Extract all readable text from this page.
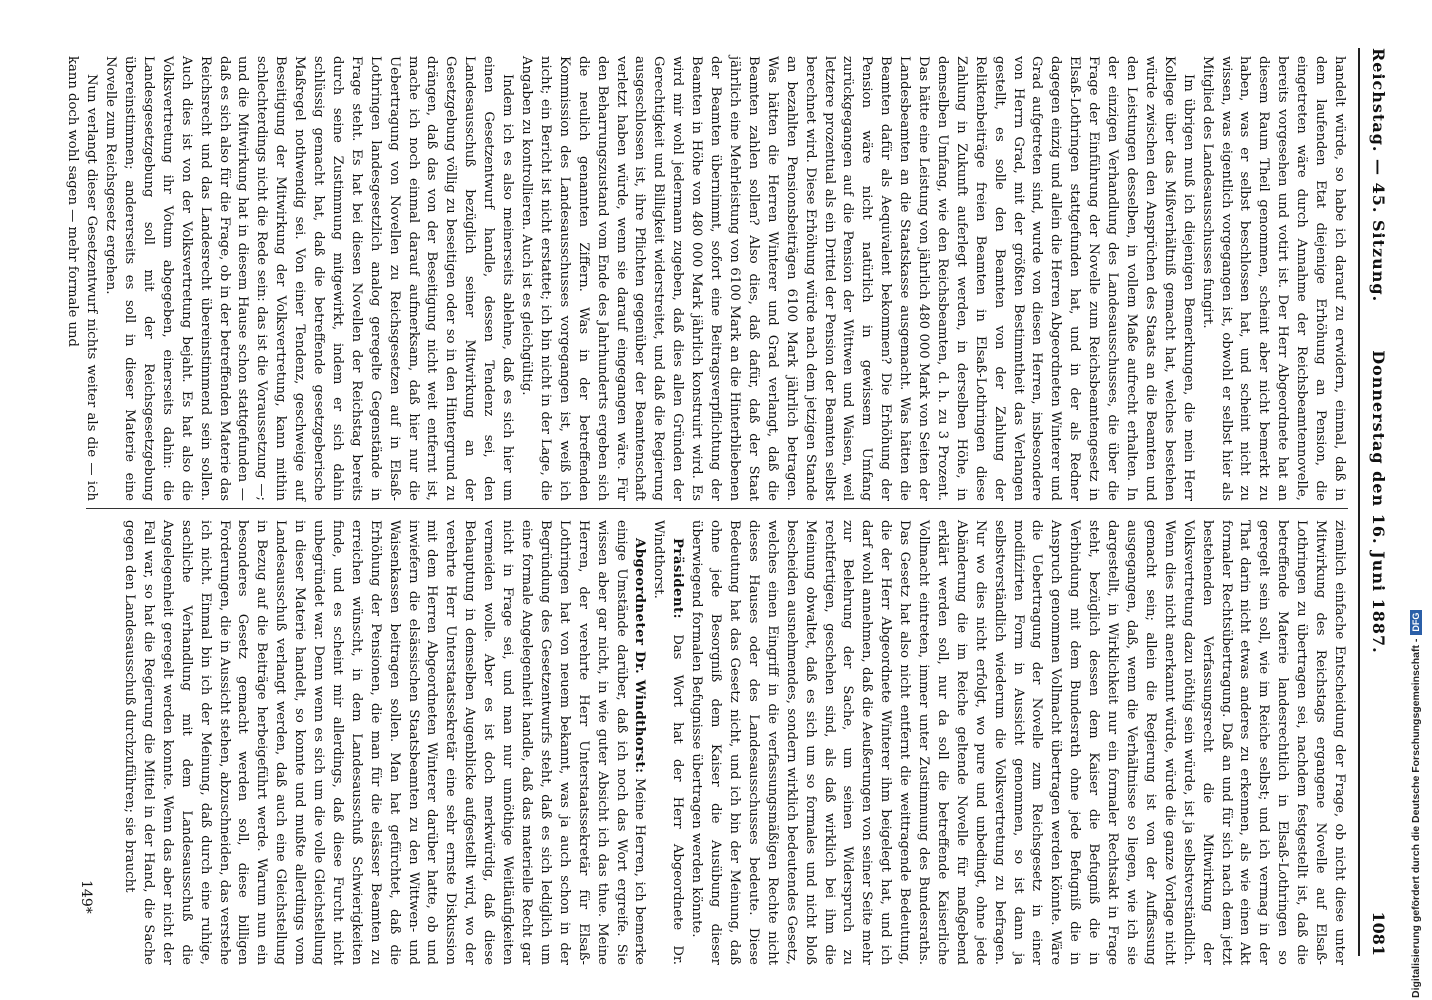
Reichstag. — 45. Sitzung.
Donnerstag den 16. Juni 1887.
1081

handelt würde, so habe ich darauf zu erwidern, einmal, daß in dem laufenden Etat diejenige Erhöhung an Pension, die eingetreten wäre durch Annahme der Reichsbeamtennovelle, bereits vorgesehen und votirt ist. Der Herr Abgeordnete hat an diesem Raum Theil genommen, scheint aber nicht bemerkt zu haben, was er selbst beschlossen hat, und scheint nicht zu wissen, was eigentlich vorgegangen ist, obwohl er selbst hier als Mitglied des Landesausschusses fungirt.

Im übrigen muß ich diejenigen Bemerkungen, die mein Herr Kollege über das Mißverhältniß gemacht hat, welches bestehen würde zwischen den Ansprüchen des Staats an die Beamten und den Leistungen desselben, in vollem Maße aufrecht erhalten. In der einzigen Verhandlung des Landesausschusses, die über die Frage der Einführung der Novelle zum Reichsbeamtengesetz in Elsaß-Lothringen stattgefunden hat, und in der als Redner dagegen einzig und allein die Herren Abgeordneten Winterer und Grad aufgetreten sind, wurde von diesen Herren, insbesondere von Herrn Grad, mit der größten Bestimmtheit das Verlangen gestellt, es solle den Beamten von der Zahlung der Reliktenbeiträge freien Beamten in Elsaß-Lothringen diese Zahlung in Zukunft auferlegt werden, in derselben Höhe, in demselben Umfang, wie den Reichsbeamten, d. h. zu 3 Prozent. Das hätte eine Leistung von jährlich 480 000 Mark von Seiten der Landesbeamten an die Staatskasse ausgemacht. Was hätten die Beamten dafür als Aequivalent bekommen? Die Erhöhung der Pension wäre nicht natürlich in gewissem Umfang zurückgegangen auf die Pension der Wittwen und Waisen, weil letztere prozentual als ein Drittel der Pension der Beamten selbst berechnet wird. Diese Erhöhung würde nach dem jetzigen Stande an bezahlten Pensionsbeiträgen 6100 Mark jährlich betragen. Was hätten die Herren Winterer und Grad verlangt, daß die Beamten zahlen sollen? Also dies, daß dafür, daß der Staat jährlich eine Mehrleistung von 6100 Mark an die Hinterbliebenen der Beamten übernimmt, sofort eine Beitragsverpflichtung der Beamten in Höhe von 480 000 Mark jährlich konstruirt wird. Es wird mir wohl jedermann zugeben, daß dies allen Gründen der Gerechtigkeit und Billigkeit widerstreitet, und daß die Regierung ausgeschlossen ist, ihre Pflichten gegenüber der Beamtenschaft verletzt haben würde, wenn sie darauf eingegangen wäre. Für den Beharrungszustand vom Ende des Jahrhunderts ergeben sich die neulich genannten Ziffern. Was in der betreffenden Kommission des Landesausschusses vorgegangen ist, weiß ich nicht; ein Bericht ist nicht erstattet; ich bin nicht in der Lage, die Angaben zu kontrollieren. Auch ist es gleichgültig.

Indem ich es also meinerseits ablehne, daß es sich hier um einen Gesetzentwurf handle, dessen Tendenz sei, den Landesausschuß bezüglich seiner Mitwirkung an der Gesetzgebung völlig zu beseitigen oder so in den Hintergrund zu drängen, daß das von der Beseitigung nicht weit entfernt ist, mache ich noch einmal darauf aufmerksam, daß hier nur die Uebertragung von Novellen zu Reichsgesetzen auf in Elsaß-Lothringen landesgesetzlich analog geregelte Gegenstände in Frage steht. Es hat bei diesen Novellen der Reichstag bereits durch seine Zustimmung mitgewirkt, indem er sich dahin schlüssig gemacht hat, daß die betreffende gesetzgeberische Maßregel nothwendig sei. Von einer Tendenz, geschweige auf Beseitigung der Mitwirkung der Volksvertretung, kann mithin schlechterdings nicht die Rede sein: das ist die Voraussetzung —; und die Mitwirkung hat in diesem Hause schon stattgefunden — daß es sich also für die Frage, ob in der betreffenden Materie das Reichsrecht und das Landesrecht übereinstimmend sein sollen. Auch dies ist von der Volksvertretung bejaht. Es hat also die Volksvertretung ihr Votum abgegeben, einerseits dahin: die Landesgesetzgebung soll mit der Reichsgesetzgebung übereinstimmen; andererseits es soll in dieser Materie eine Novelle zum Reichsgesetz ergehen.

Nun verlangt dieser Gesetzentwurf nichts weiter als die — ich kann doch wohl sagen — mehr formale und

ziemlich einfache Entscheidung der Frage, ob nicht diese unter Mitwirkung des Reichstags ergangene Novelle auf Elsaß-Lothringen zu übertragen sei, nachdem festgestellt ist, daß die betreffende Materie landesrechtlich in Elsaß-Lothringen so geregelt sein soll, wie im Reiche selbst; und ich vermag in der That darin nicht etwas anderes zu erkennen, als wie einen Akt formaler Rechtsübertragung. Daß an und für sich nach dem jetzt bestehenden Verfassungsrecht die Mitwirkung der Volksvertretung dazu nöthig sein würde, ist ja selbstverständlich. Wenn dies nicht anerkannt würde, würde die ganze Vorlage nicht gemacht sein; allein die Regierung ist von der Auffassung ausgegangen, daß, wenn die Verhältnisse so liegen, wie ich sie dargestellt, in Wirklichkeit nur ein formaler Rechtsakt in Frage steht, bezüglich dessen dem Kaiser die Befugniß die in Verbindung mit dem Bundesrath ohne jede Befugniß die in Anspruch genommen Vollmacht übertragen werden könnte. Wäre die Uebertragung der Novelle zum Reichsgesetz in einer modifizirten Form in Aussicht genommen, so ist dann ja selbstverständlich wiederum die Volksvertretung zu befragen. Nur wo dies nicht erfolgt, wo pure und unbedingt, ohne jede Abänderung die im Reiche geltende Novelle für maßgebend erklärt werden soll, nur da soll die betreffende Kaiserliche Vollmacht eintreten, immer unter Zustimmung des Bundesraths. Das Gesetz hat also nicht entfernt die weittragende Bedeutung, die der Herr Abgeordnete Winterer ihm beigelegt hat, und ich darf wohl annehmen, daß die Aeußerungen von seiner Seite mehr zur Belehrung der Sache, um seinen Widerspruch zu rechtfertigen, geschehen sind, als daß wirklich bei ihm die Meinung obwaltet, daß es sich um so formales und nicht bloß bescheiden ausnehmendes, sondern wirklich bedeutendes Gesetz, welches einen Eingriff in die verfassungsmäßigen Rechte nicht dieses Hauses oder des Landesausschusses bedeute. Diese Bedeutung hat das Gesetz nicht, und ich bin der Meinung, daß ohne jede Besorgniß dem Kaiser die Ausübung dieser überwiegend formalen Befugnisse übertragen werden könnte.

Präsident: Das Wort hat der Herr Abgeordnete Dr. Windthorst.

Abgeordneter Dr. Windthorst: Meine Herren, ich bemerke einige Umstände darüber, daß ich noch das Wort ergreife. Sie wissen aber gar nicht, in wie guter Absicht ich das thue. Meine Herren, der verehrte Herr Unterstaatssekretär für Elsaß-Lothringen hat von neuem bekannt, was ja auch schon in der Begründung des Gesetzentwurfs steht, daß es sich lediglich um eine formale Angelegenheit handle, daß das materielle Recht gar nicht in Frage sei, und man nur unnöthige Weitläufigkeiten vermeiden wolle. Aber es ist doch merkwürdig, daß diese Behauptung in demselben Augenblicke aufgestellt wird, wo der verehrte Herr Unterstaatssekretär eine sehr ernste Diskussion mit dem Herren Abgeordneten Winterer darüber hatte, ob und inwiefern die elsässischen Staatsbeamten zu den Wittwen- und Waisenkassen beitragen sollen. Man hat gefürchtet, daß die Erhöhung der Pensionen, die man für die elsässer Beamten zu erreichen wünscht, in dem Landesausschuß Schwierigkeiten finde, und es scheint mir allerdings, daß diese Furcht nicht unbegründet war. Denn wenn es sich um die volle Gleichstellung in dieser Materie handelt, so konnte und mußte allerdings vom Landesausschuß verlangt werden, daß auch eine Gleichstellung in Bezug auf die Beiträge herbeigeführt werde. Warum nun ein besonderes Gesetz gemacht werden soll, diese billigen Forderungen, die in Aussicht stehen, abzuschneiden, das verstehe ich nicht. Einmal bin ich der Meinung, daß durch eine ruhige, sachliche Verhandlung mit dem Landesausschuß die Angelegenheit geregelt werden konnte. Wenn das aber nicht der Fall war, so hat die Regierung die Mittel in der Hand, die Sache gegen den Landesausschuß durchzuführen; sie braucht

149*	Digitalisierung gefördert durch die Deutsche Forschungsgemeinschaft -DFG
